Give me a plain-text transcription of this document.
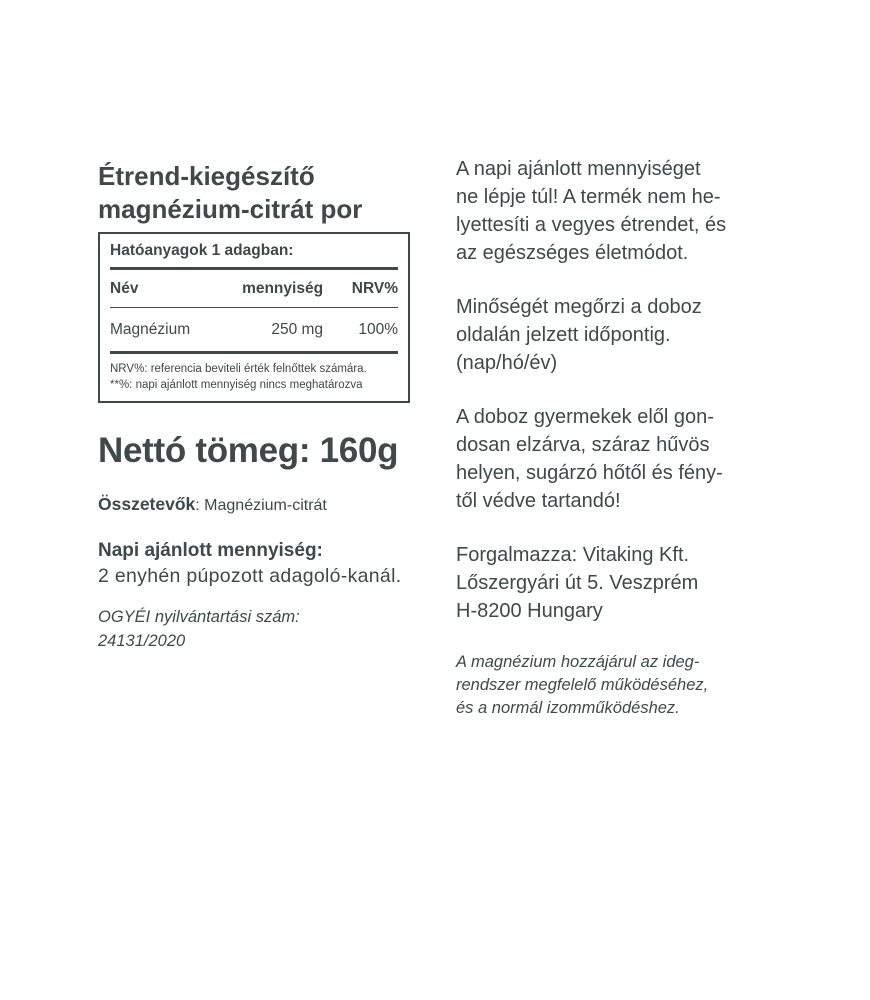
Étrend-kiegészítő
magnézium-citrát por
Hatóanyagok 1 adagban:
Név	mennyiség	NRV%
Magnézium	250 mg	100%
NRV%: referencia beviteli érték felnőttek számára.
**%: napi ajánlott mennyiség nincs meghatározva
Nettó tömeg: 160g
Összetevők: Magnézium-citrát
Napi ajánlott mennyiség:
2 enyhén púpozott adagoló-kanál.
OGYÉI nyilvántartási szám:
24131/2020

A napi ajánlott mennyiséget
ne lépje túl! A termék nem he-
lyettesíti a vegyes étrendet, és
az egészséges életmódot.

Minőségét megőrzi a doboz
oldalán jelzett időpontig.
(nap/hó/év)

A doboz gyermekek elől gon-
dosan elzárva, száraz hűvös
helyen, sugárzó hőtől és fény-
től védve tartandó!

Forgalmazza: Vitaking Kft.
Lőszergyári út 5. Veszprém
H-8200 Hungary

A magnézium hozzájárul az ideg-
rendszer megfelelő működéséhez,
és a normál izomműködéshez.
